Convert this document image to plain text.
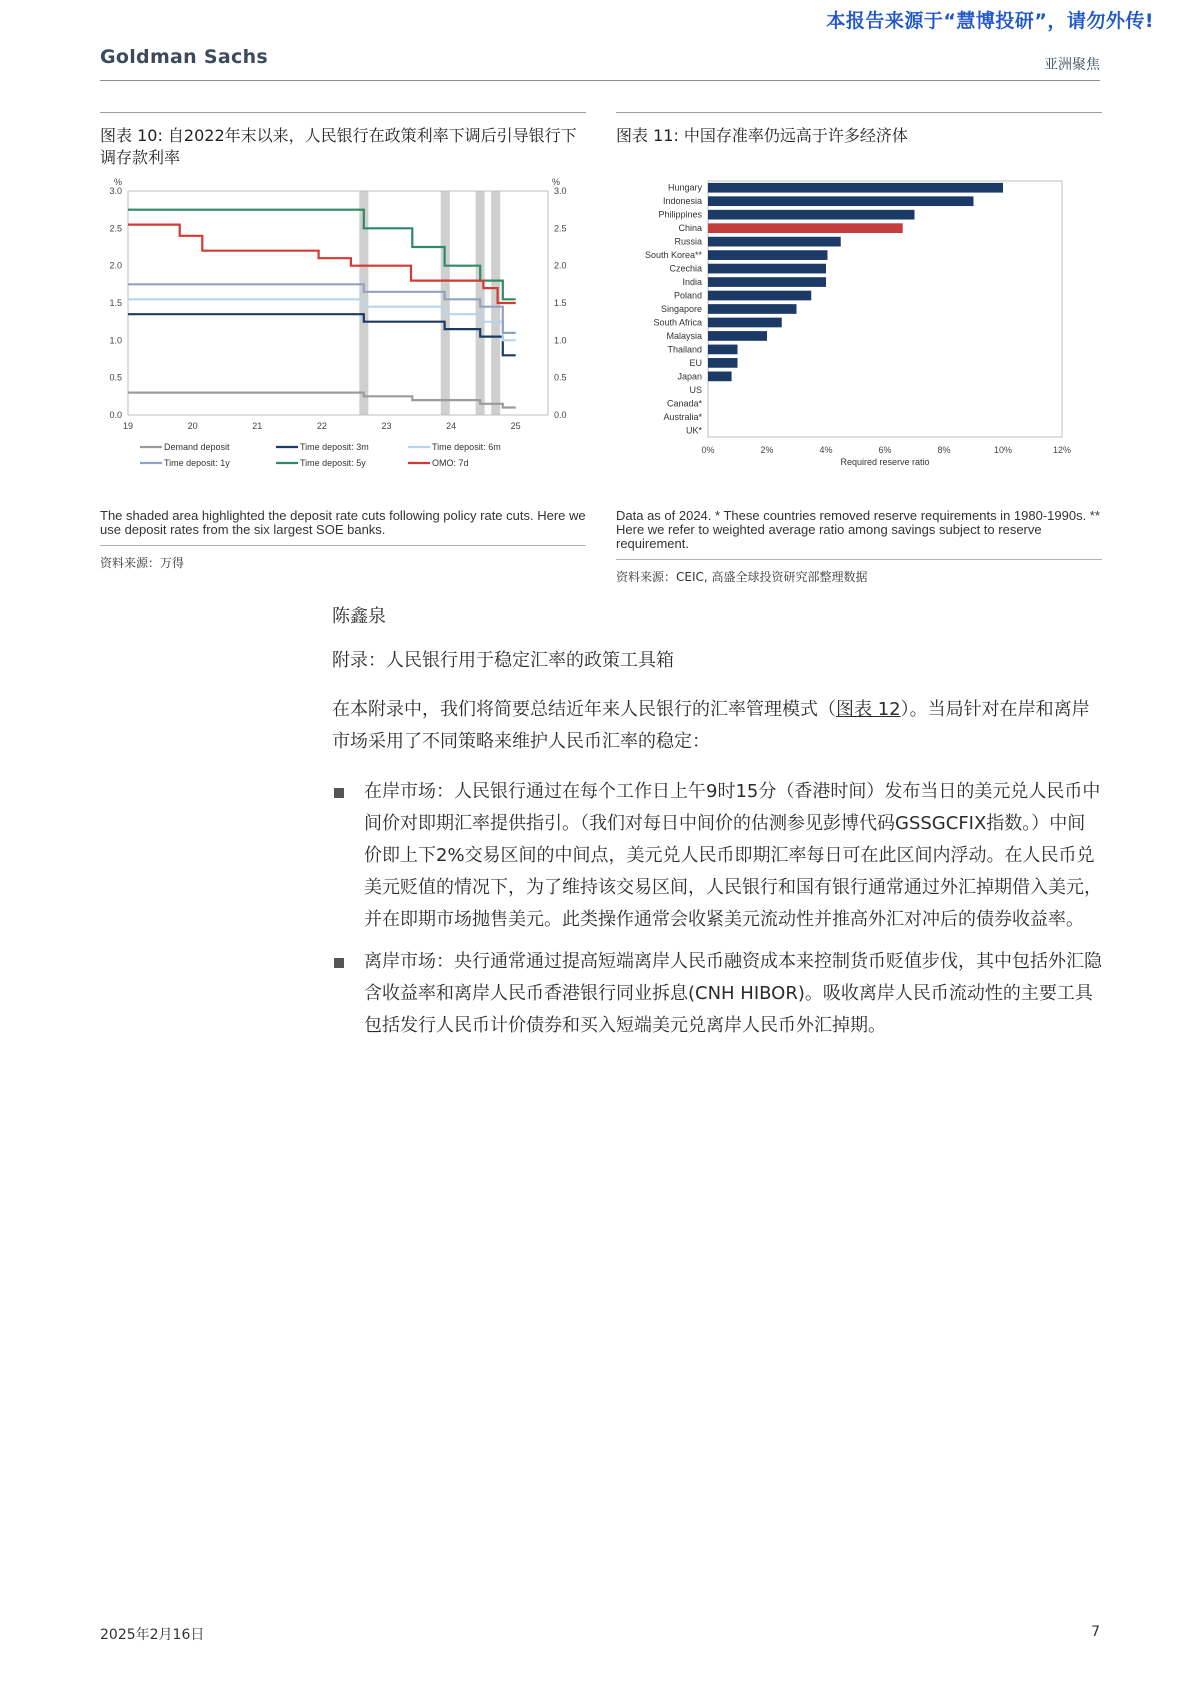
本报告来源于“慧博投研”，请勿外传!
Goldman Sachs	亚洲聚焦
图表 10: 自2022年末以来，人民银行在政策利率下调后引导银行下调存款利率
%	%
0.0	0.0
0.5	0.5
1.0	1.0
1.5	1.5
2.0	2.0
2.5	2.5
3.0	3.0
19	20	21	22	23	24	25
Demand deposit	Time deposit: 3m	Time deposit: 6m
Time deposit: 1y	Time deposit: 5y	OMO: 7d
The shaded area highlighted the deposit rate cuts following policy rate cuts. Here we use deposit rates from the six largest SOE banks.
资料来源：万得
图表 11: 中国存准率仍远高于许多经济体
Hungary
Indonesia
Philippines
China
Russia
South Korea**
Czechia
India
Poland
Singapore
South Africa
Malaysia
Thailand
EU
Japan
US
Canada*
Australia*
UK*
0%	2%	4%	6%	8%	10%	12%
Required reserve ratio
Data as of 2024. * These countries removed reserve requirements in 1980-1990s. ** Here we refer to weighted average ratio among savings subject to reserve requirement.
资料来源：CEIC, 高盛全球投资研究部整理数据
陈鑫泉
附录：人民银行用于稳定汇率的政策工具箱

在本附录中，我们将简要总结近年来人民银行的汇率管理模式（图表 12）。当局针对在岸和离岸市场采用了不同策略来维护人民币汇率的稳定：

在岸市场：人民银行通过在每个工作日上午9时15分（香港时间）发布当日的美元兑人民币中间价对即期汇率提供指引。（我们对每日中间价的估测参见彭博代码GSSGCFIX指数。）中间价即上下2%交易区间的中间点，美元兑人民币即期汇率每日可在此区间内浮动。在人民币兑美元贬值的情况下，为了维持该交易区间，人民银行和国有银行通常通过外汇掉期借入美元，并在即期市场抛售美元。此类操作通常会收紧美元流动性并推高外汇对冲后的债券收益率。
离岸市场：央行通常通过提高短端离岸人民币融资成本来控制货币贬值步伐，其中包括外汇隐含收益率和离岸人民币香港银行同业拆息(CNH HIBOR)。吸收离岸人民币流动性的主要工具包括发行人民币计价债券和买入短端美元兑离岸人民币外汇掉期。
2025年2月16日	7
